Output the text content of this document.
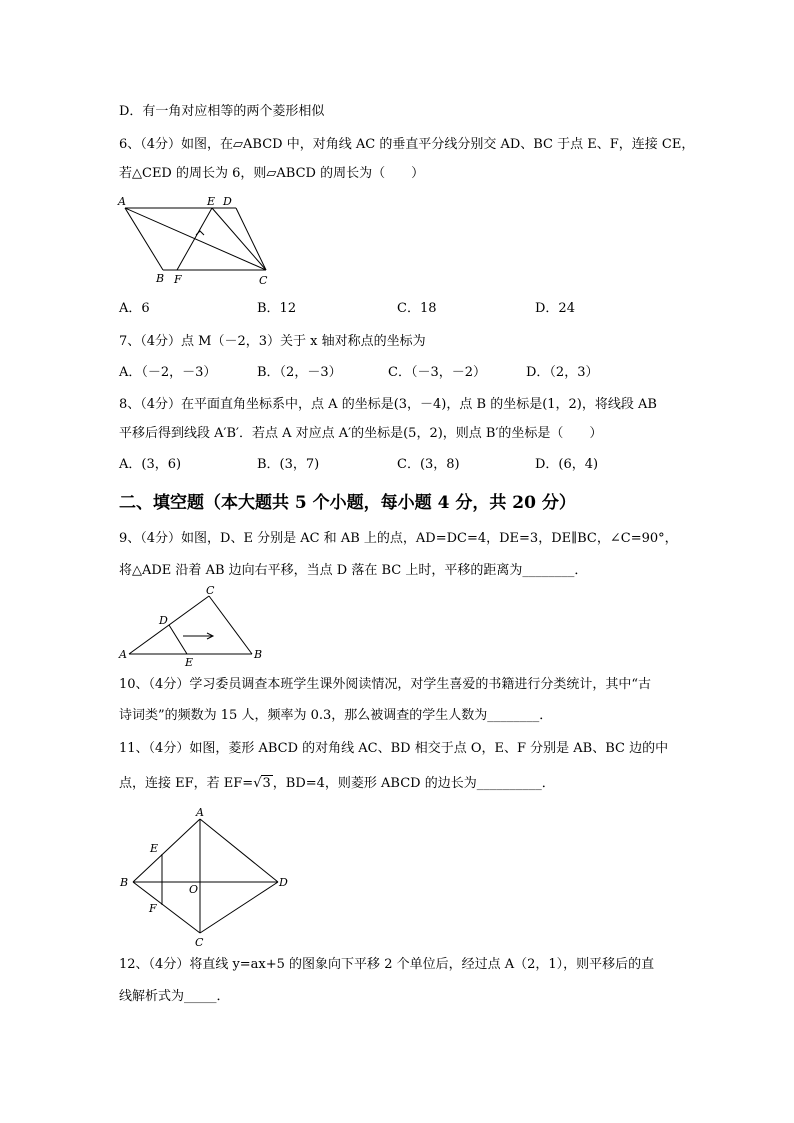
D．有一角对应相等的两个菱形相似
6、（4分）如图，在▱ABCD 中，对角线 AC 的垂直平分线分别交 AD、BC 于点 E、F，连接 CE，
若△CED 的周长为 6，则▱ABCD 的周长为（　　）
A	E D
B F	C
A．6	B．12	C．18	D．24
7、（4分）点 M（－2，3）关于 x 轴对称点的坐标为
A．（－2，－3）	B．（2，－3）	C．（－3，－2）	D．（2，3）
8、（4分）在平面直角坐标系中，点 A 的坐标是(3，－4)，点 B 的坐标是(1，2)，将线段 AB
平移后得到线段 A′B′．若点 A 对应点 A′的坐标是(5，2)，则点 B′的坐标是（　　）
A．(3，6)	B．(3，7)	C．(3，8)	D．(6，4)
二、填空题（本大题共 5 个小题，每小题 4 分，共 20 分）
9、（4分）如图，D、E 分别是 AC 和 AB 上的点，AD=DC=4，DE=3，DE∥BC，∠C=90°，
将△ADE 沿着 AB 边向右平移，当点 D 落在 BC 上时，平移的距离为________．
C
D
A
E
B
10、（4分）学习委员调查本班学生课外阅读情况，对学生喜爱的书籍进行分类统计，其中“古
诗词类”的频数为 15 人，频率为 0.3，那么被调查的学生人数为________．
11、（4分）如图，菱形 ABCD 的对角线 AC、BD 相交于点 O，E、F 分别是 AB、BC 边的中
点，连接 EF，若 EF=√3 ，BD=4，则菱形 ABCD 的边长为__________．
A
E
B
O
D
F
C
12、（4分）将直线 y=ax+5 的图象向下平移 2 个单位后，经过点 A（2，1），则平移后的直
线解析式为_____．
